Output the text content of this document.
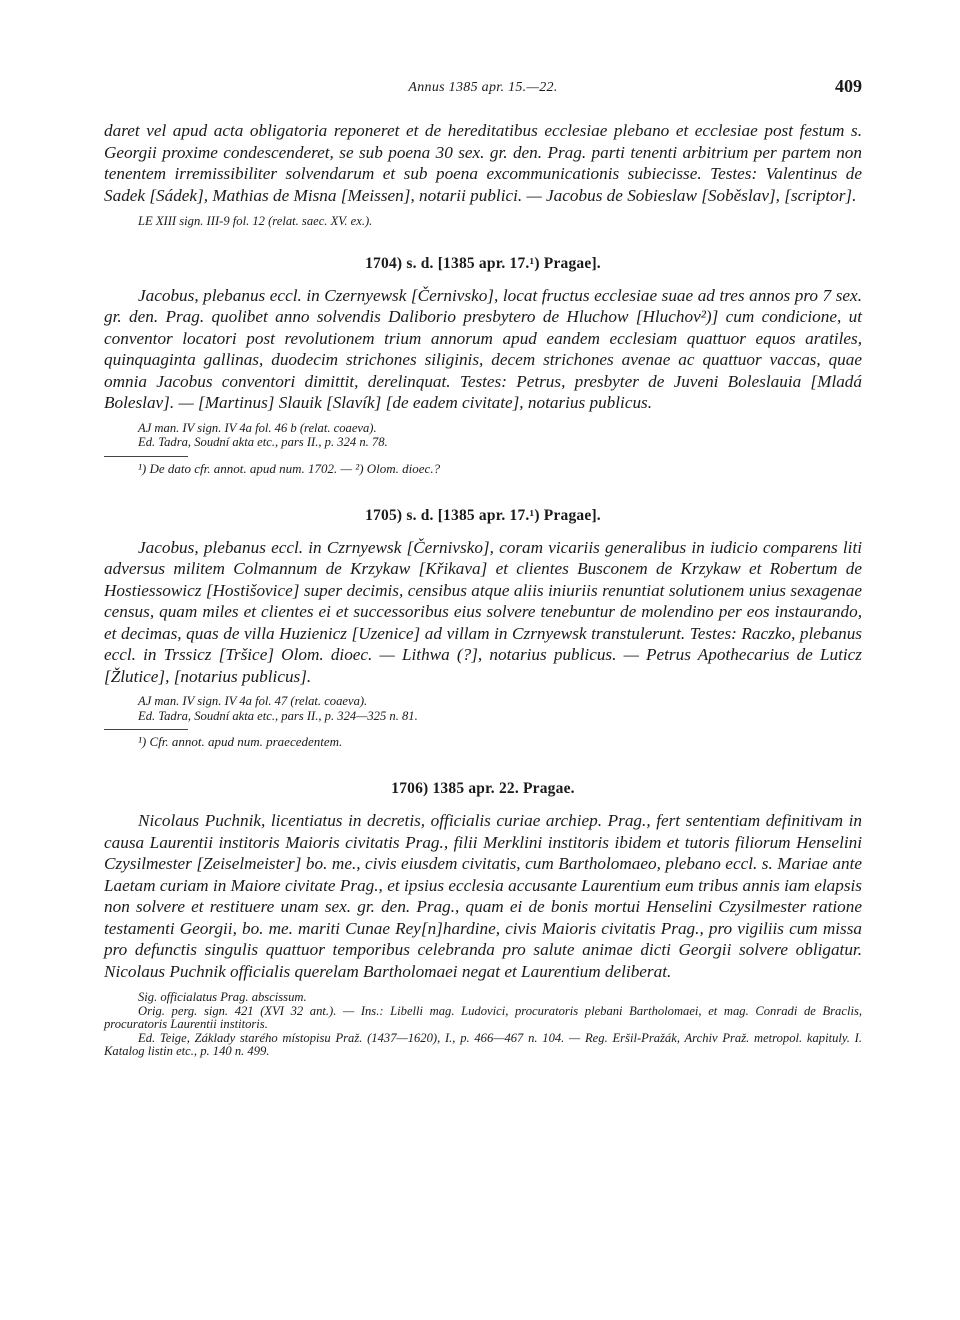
Annus 1385 apr. 15.—22.	409

daret vel apud acta obligatoria reponeret et de hereditatibus ecclesiae plebano et ecclesiae post festum s. Georgii proxime condescenderet, se sub poena 30 sex. gr. den. Prag. parti tenenti arbitrium per partem non tenentem irremissibiliter solvendarum et sub poena excommunicationis subiecisse. Testes: Valentinus de Sadek [Sádek], Mathias de Misna [Meissen], notarii publici. — Jacobus de Sobieslaw [Soběslav], [scriptor].

LE XIII sign. III-9 fol. 12 (relat. saec. XV. ex.).

1704) s. d. [1385 apr. 17.¹) Pragae].

Jacobus, plebanus eccl. in Czernyewsk [Černivsko], locat fructus ecclesiae suae ad tres annos pro 7 sex. gr. den. Prag. quolibet anno solvendis Daliborio presbytero de Hluchow [Hluchov²)] cum condicione, ut conventor locatori post revolutionem trium annorum apud eandem ecclesiam quattuor equos aratiles, quinquaginta gallinas, duodecim strichones siliginis, decem strichones avenae ac quattuor vaccas, quae omnia Jacobus conventori dimittit, derelinquat. Testes: Petrus, presbyter de Juveni Boleslauia [Mladá Boleslav]. — [Martinus] Slauik [Slavík] [de eadem civitate], notarius publicus.

AJ man. IV sign. IV 4a fol. 46 b (relat. coaeva).

Ed. Tadra, Soudní akta etc., pars II., p. 324 n. 78.

¹) De dato cfr. annot. apud num. 1702. — ²) Olom. dioec.?

1705) s. d. [1385 apr. 17.¹) Pragae].

Jacobus, plebanus eccl. in Czrnyewsk [Černivsko], coram vicariis generalibus in iudicio comparens liti adversus militem Colmannum de Krzykaw [Křikava] et clientes Busconem de Krzykaw et Robertum de Hostiessowicz [Hostišovice] super decimis, censibus atque aliis iniuriis renuntiat solutionem unius sexagenae census, quam miles et clientes ei et successoribus eius solvere tenebuntur de molendino per eos instaurando, et decimas, quas de villa Huzienicz [Uzenice] ad villam in Czrnyewsk transtulerunt. Testes: Raczko, plebanus eccl. in Trssicz [Tršice] Olom. dioec. — Lithwa (?], notarius publicus. — Petrus Apothecarius de Luticz [Žlutice], [notarius publicus].

AJ man. IV sign. IV 4a fol. 47 (relat. coaeva).

Ed. Tadra, Soudní akta etc., pars II., p. 324—325 n. 81.

¹) Cfr. annot. apud num. praecedentem.

1706) 1385 apr. 22. Pragae.

Nicolaus Puchnik, licentiatus in decretis, officialis curiae archiep. Prag., fert sententiam definitivam in causa Laurentii institoris Maioris civitatis Prag., filii Merklini institoris ibidem et tutoris filiorum Henselini Czysilmester [Zeiselmeister] bo. me., civis eiusdem civitatis, cum Bartholomaeo, plebano eccl. s. Mariae ante Laetam curiam in Maiore civitate Prag., et ipsius ecclesia accusante Laurentium eum tribus annis iam elapsis non solvere et restituere unam sex. gr. den. Prag., quam ei de bonis mortui Henselini Czysilmester ratione testamenti Georgii, bo. me. mariti Cunae Rey[n]hardine, civis Maioris civitatis Prag., pro vigiliis cum missa pro defunctis singulis quattuor temporibus celebranda pro salute animae dicti Georgii solvere obligatur. Nicolaus Puchnik officialis querelam Bartholomaei negat et Laurentium deliberat.

Sig. officialatus Prag. abscissum.

Orig. perg. sign. 421 (XVI 32 ant.). — Ins.: Libelli mag. Ludovici, procuratoris plebani Bartholomaei, et mag. Conradi de Braclis, procuratoris Laurentii institoris.

Ed. Teige, Základy starého místopisu Praž. (1437—1620), I., p. 466—467 n. 104. — Reg. Eršil-Pražák, Archiv Praž. metropol. kapituly. I. Katalog listin etc., p. 140 n. 499.
